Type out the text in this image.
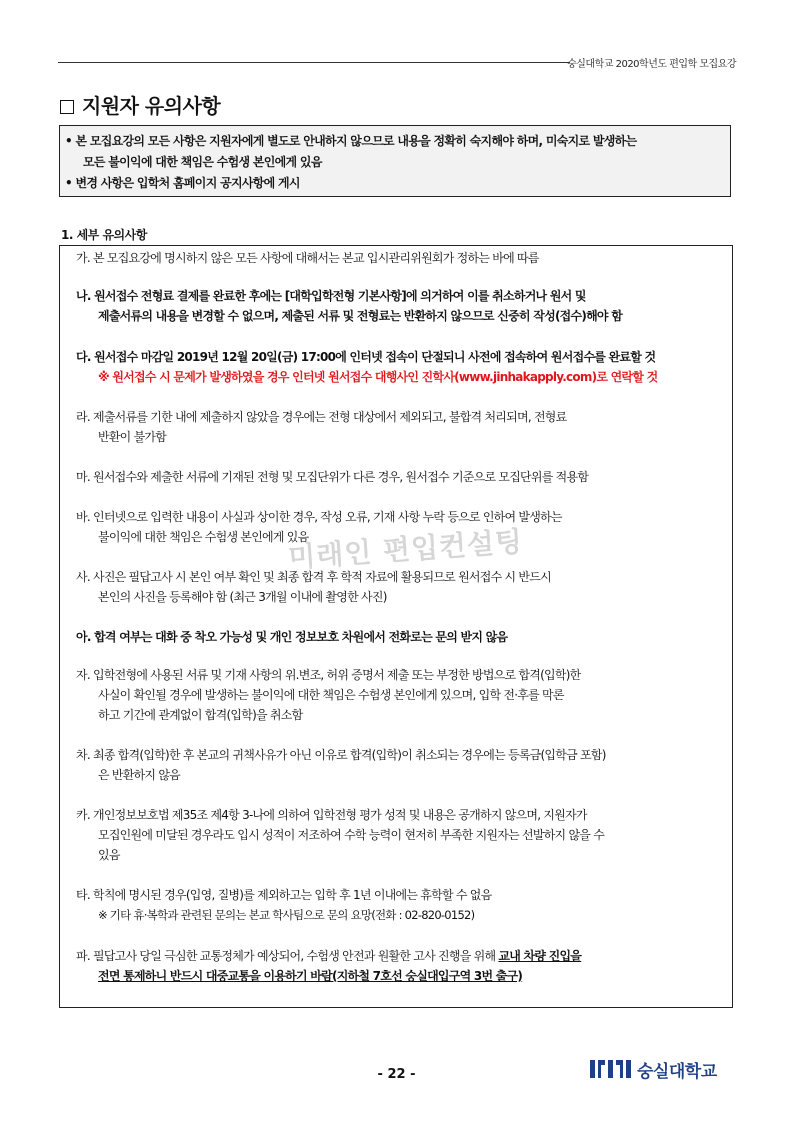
숭실대학교 2020학년도 편입학 모집요강
지원자 유의사항
• 본 모집요강의 모든 사항은 지원자에게 별도로 안내하지 않으므로 내용을 정확히 숙지해야 하며, 미숙지로 발생하는
모든 불이익에 대한 책임은 수험생 본인에게 있음
• 변경 사항은 입학처 홈페이지 공지사항에 게시
1. 세부 유의사항
가. 본 모집요강에 명시하지 않은 모든 사항에 대해서는 본교 입시관리위원회가 정하는 바에 따름
나. 원서접수 전형료 결제를 완료한 후에는 [대학입학전형 기본사항]에 의거하여 이를 취소하거나 원서 및
제출서류의 내용을 변경할 수 없으며, 제출된 서류 및 전형료는 반환하지 않으므로 신중히 작성(접수)해야 함
다. 원서접수 마감일 2019년 12월 20일(금) 17:00에 인터넷 접속이 단절되니 사전에 접속하여 원서접수를 완료할 것
※ 원서접수 시 문제가 발생하였을 경우 인터넷 원서접수 대행사인 진학사(www.jinhakapply.com)로 연락할 것
라. 제출서류를 기한 내에 제출하지 않았을 경우에는 전형 대상에서 제외되고, 불합격 처리되며, 전형료
반환이 불가함
마. 원서접수와 제출한 서류에 기재된 전형 및 모집단위가 다른 경우, 원서접수 기준으로 모집단위를 적용함
바. 인터넷으로 입력한 내용이 사실과 상이한 경우, 작성 오류, 기재 사항 누락 등으로 인하여 발생하는
불이익에 대한 책임은 수험생 본인에게 있음
사. 사진은 필답고사 시 본인 여부 확인 및 최종 합격 후 학적 자료에 활용되므로 원서접수 시 반드시
본인의 사진을 등록해야 함 (최근 3개월 이내에 촬영한 사진)
아. 합격 여부는 대화 중 착오 가능성 및 개인 정보보호 차원에서 전화로는 문의 받지 않음
자. 입학전형에 사용된 서류 및 기재 사항의 위.변조, 허위 증명서 제출 또는 부정한 방법으로 합격(입학)한
사실이 확인될 경우에 발생하는 불이익에 대한 책임은 수험생 본인에게 있으며, 입학 전·후를 막론
하고 기간에 관계없이 합격(입학)을 취소함
차. 최종 합격(입학)한 후 본교의 귀책사유가 아닌 이유로 합격(입학)이 취소되는 경우에는 등록금(입학금 포함)
은 반환하지 않음
카. 개인정보보호법 제35조 제4항 3-나에 의하여 입학전형 평가 성적 및 내용은 공개하지 않으며, 지원자가
모집인원에 미달된 경우라도 입시 성적이 저조하여 수학 능력이 현저히 부족한 지원자는 선발하지 않을 수
있음
타. 학칙에 명시된 경우(입영, 질병)를 제외하고는 입학 후 1년 이내에는 휴학할 수 없음
※ 기타 휴·복학과 관련된 문의는 본교 학사팀으로 문의 요망(전화 : 02-820-0152)
파. 필답고사 당일 극심한 교통정체가 예상되어, 수험생 안전과 원활한 고사 진행을 위해 교내 차량 진입을
전면 통제하니 반드시 대중교통을 이용하기 바람(지하철 7호선 숭실대입구역 3번 출구)
미래인 편입컨설팅
- 22 -	숭실대학교
